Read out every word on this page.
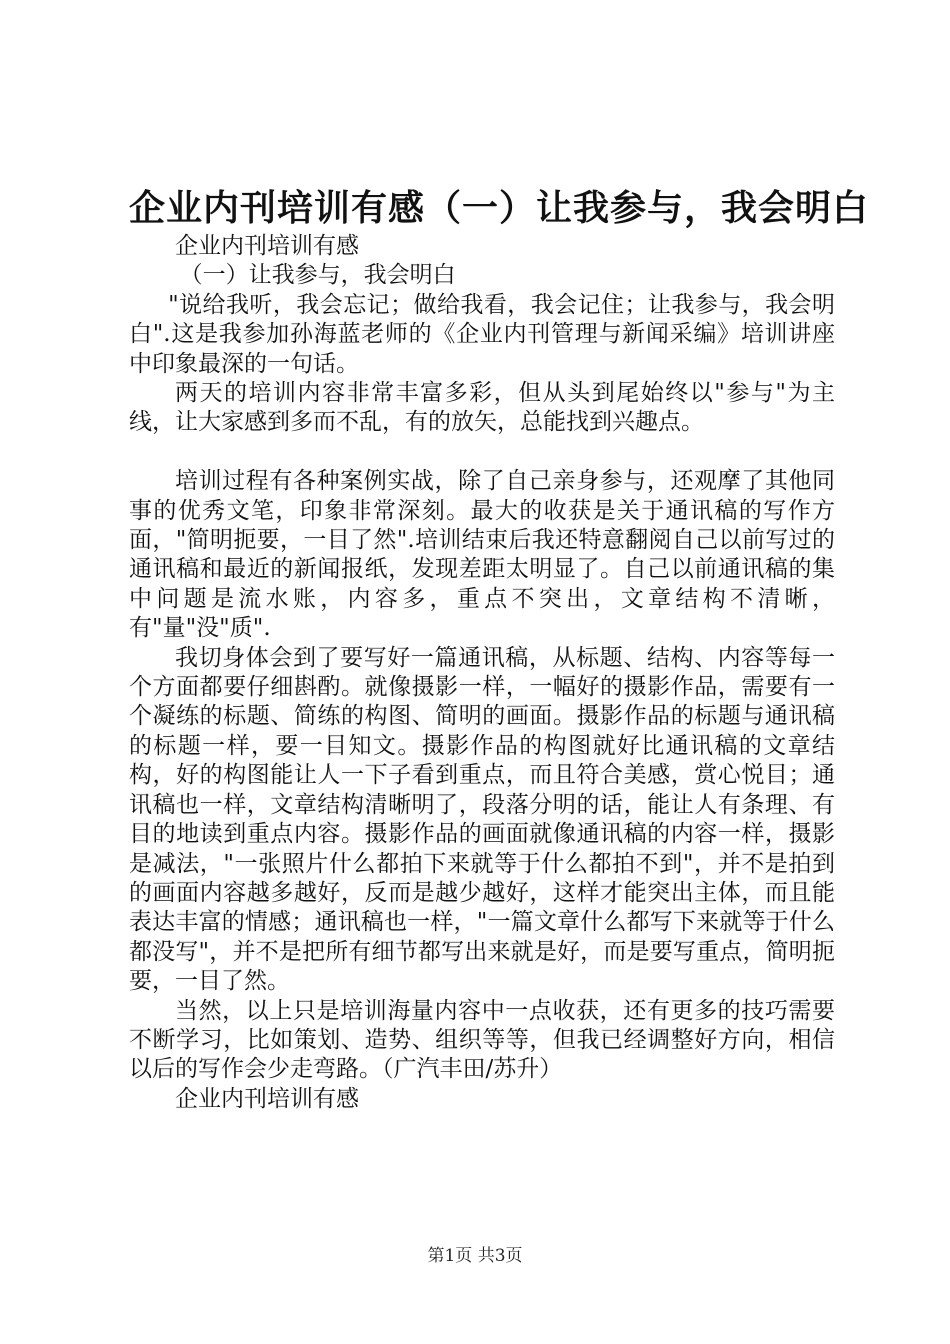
企业内刊培训有感（一）让我参与，我会明白

企业内刊培训有感

（一）让我参与，我会明白

"说给我听，我会忘记；做给我看，我会记住；让我参与，我会明白".这是我参加孙海蓝老师的《企业内刊管理与新闻采编》培训讲座中印象最深的一句话。

两天的培训内容非常丰富多彩，但从头到尾始终以"参与"为主线，让大家感到多而不乱，有的放矢，总能找到兴趣点。

培训过程有各种案例实战，除了自己亲身参与，还观摩了其他同事的优秀文笔，印象非常深刻。最大的收获是关于通讯稿的写作方面，"简明扼要，一目了然".培训结束后我还特意翻阅自己以前写过的通讯稿和最近的新闻报纸，发现差距太明显了。自己以前通讯稿的集中问题是流水账，内容多，重点不突出，文章结构不清晰，有"量"没"质".

我切身体会到了要写好一篇通讯稿，从标题、结构、内容等每一个方面都要仔细斟酌。就像摄影一样，一幅好的摄影作品，需要有一个凝练的标题、简练的构图、简明的画面。摄影作品的标题与通讯稿的标题一样，要一目知文。摄影作品的构图就好比通讯稿的文章结构，好的构图能让人一下子看到重点，而且符合美感，赏心悦目；通讯稿也一样，文章结构清晰明了，段落分明的话，能让人有条理、有目的地读到重点内容。摄影作品的画面就像通讯稿的内容一样，摄影是减法，"一张照片什么都拍下来就等于什么都拍不到"，并不是拍到的画面内容越多越好，反而是越少越好，这样才能突出主体，而且能表达丰富的情感；通讯稿也一样，"一篇文章什么都写下来就等于什么都没写"，并不是把所有细节都写出来就是好，而是要写重点，简明扼要，一目了然。

当然，以上只是培训海量内容中一点收获，还有更多的技巧需要不断学习，比如策划、造势、组织等等，但我已经调整好方向，相信以后的写作会少走弯路。（广汽丰田/苏升）

企业内刊培训有感

第1页 共3页
